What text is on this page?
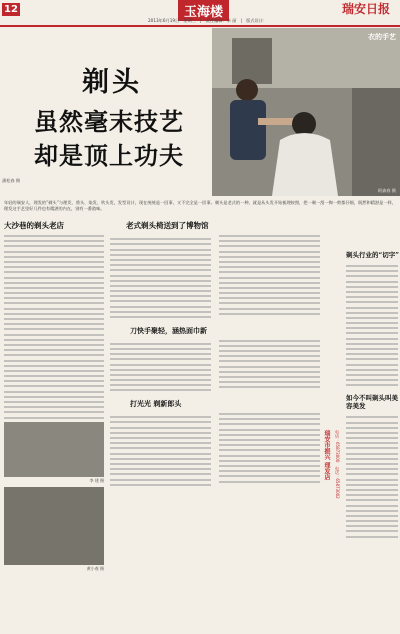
12	玉海楼	瑞安日报
2013年6月19日　星期三　|　责任编辑：李 丽　|　版式设计：
剃头
虽然毫末技艺
却是顶上功夫
潘松春 摄
衣的手艺
阿森春 摄
年轻的瑞安人，理发的“剃头”与理发、烫头、染发、吹头发，发型设计，现在统统是一回事，又不完全是一回事。剃头是老式的一种，就是从头发开始梳理按照，把一剃一刮一掏一剪都仔细，既然和精湛是一样，理发这手艺里好几件也有精湛的内在，别有一番韵味。
大沙巷的剃头老店
李 建 摄
黄小春 摄
老式剃头椅送到了博物馆
刀快手聚轻，涵热面巾新
打光光 剃新郎头
瑞安市振兴 理发店 电话：65873000　电话：65873002
剃头行业的“切字”
如今不叫剃头叫美容美发
